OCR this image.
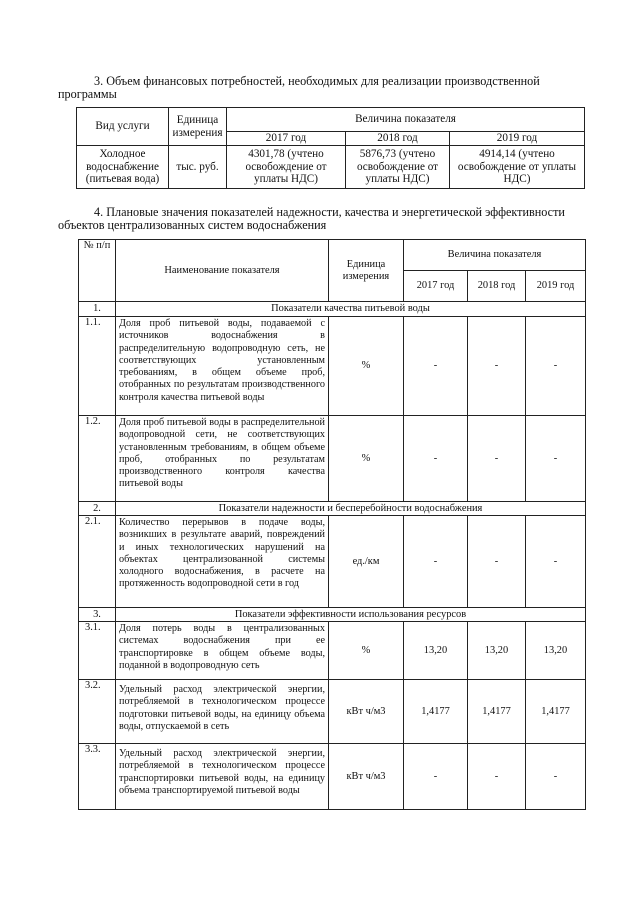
3. Объем финансовых потребностей, необходимых для реализации производственной
программы
Вид услуги	Единица измерения	Величина показателя		
		2017 год	2018 год	2019 год
Холодное водоснабжение (питьевая вода)	тыс. руб.	4301,78 (учтено освобождение от уплаты НДС)	5876,73 (учтено освобождение от уплаты НДС)	4914,14 (учтено освобождение от уплаты НДС)
4. Плановые значения показателей надежности, качества и энергетической эффективности
объектов централизованных систем водоснабжения
№ п/п	Наименование показателя	Единица измерения	Величина показателя		
			2017 год	2018 год	2019 год
1.	Показатели качества питьевой воды				
1.1.	Доля проб питьевой воды, подаваемой с источников водоснабжения в распределительную водопроводную сеть, не соответствующих установленным требованиям, в общем объеме проб, отобранных по результатам производственного контроля качества питьевой воды	%	-	-	-
1.2.	Доля проб питьевой воды в распределительной водопроводной сети, не соответствующих установленным требованиям, в общем объеме проб, отобранных по результатам производственного контроля качества питьевой воды	%	-	-	-
2.	Показатели надежности и бесперебойности водоснабжения				
2.1.	Количество перерывов в подаче воды, возникших в результате аварий, повреждений и иных технологических нарушений на объектах централизованной системы холодного водоснабжения, в расчете на протяженность водопроводной сети в год	ед./км	-	-	-
3.	Показатели эффективности использования ресурсов				
3.1.	Доля потерь воды в централизованных системах водоснабжения при ее транспортировке в общем объеме воды, поданной в водопроводную сеть	%	13,20	13,20	13,20
3.2.	Удельный расход электрической энергии, потребляемой в технологическом процессе подготовки питьевой воды, на единицу объема воды, отпускаемой в сеть	кВт ч/м3	1,4177	1,4177	1,4177
3.3.	Удельный расход электрической энергии, потребляемой в технологическом процессе транспортировки питьевой воды, на единицу объема транспортируемой питьевой воды	кВт ч/м3	-	-	-
